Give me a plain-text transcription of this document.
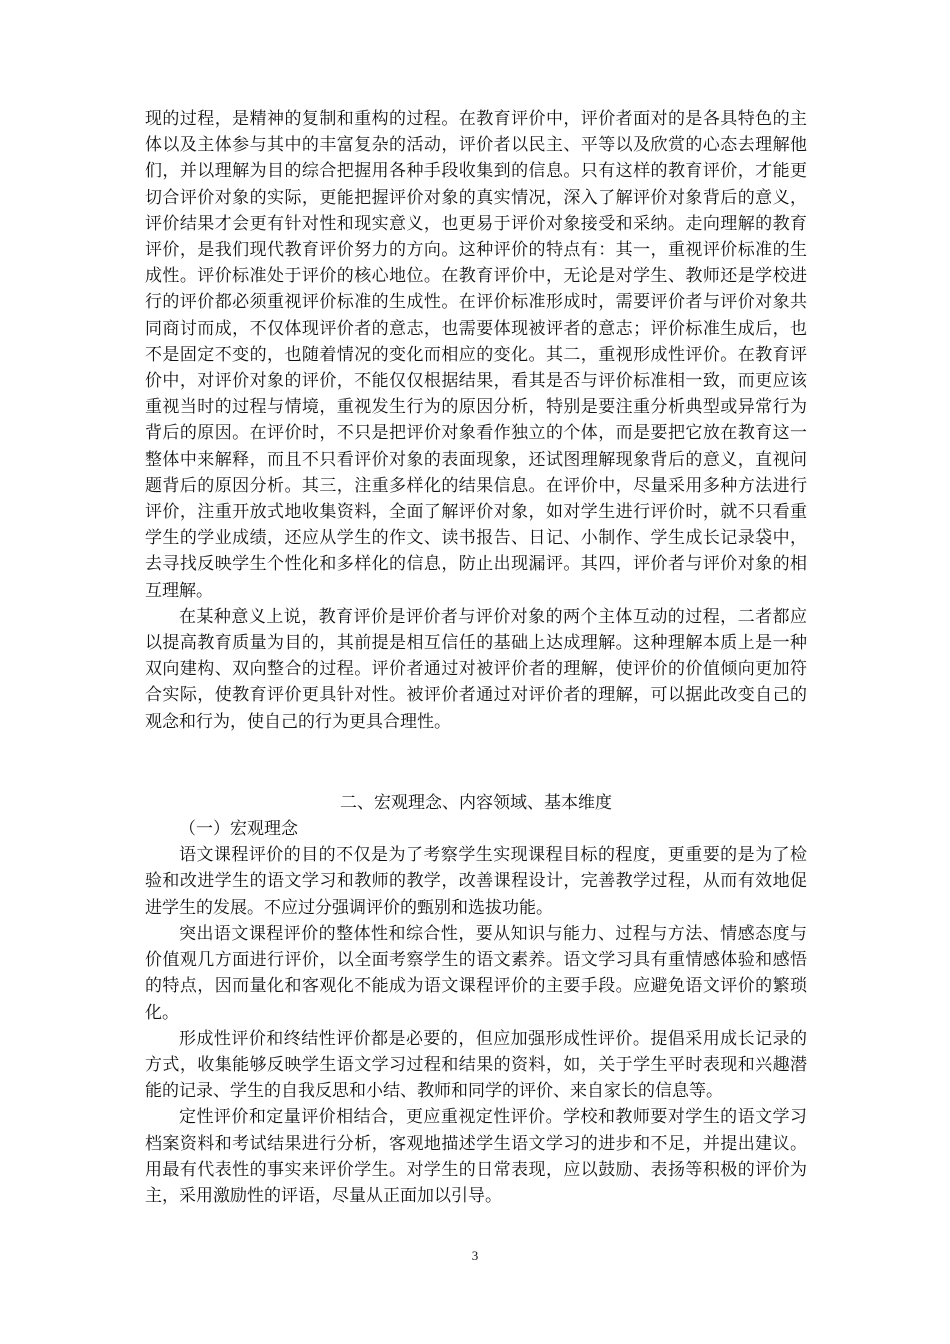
现的过程，是精神的复制和重构的过程。在教育评价中，评价者面对的是各具特色的主体以及主体参与其中的丰富复杂的活动，评价者以民主、平等以及欣赏的心态去理解他们，并以理解为目的综合把握用各种手段收集到的信息。只有这样的教育评价，才能更切合评价对象的实际，更能把握评价对象的真实情况，深入了解评价对象背后的意义，评价结果才会更有针对性和现实意义，也更易于评价对象接受和采纳。走向理解的教育评价，是我们现代教育评价努力的方向。这种评价的特点有：其一，重视评价标准的生成性。评价标准处于评价的核心地位。在教育评价中，无论是对学生、教师还是学校进行的评价都必须重视评价标准的生成性。在评价标准形成时，需要评价者与评价对象共同商讨而成，不仅体现评价者的意志，也需要体现被评者的意志；评价标准生成后，也不是固定不变的，也随着情况的变化而相应的变化。其二，重视形成性评价。在教育评价中，对评价对象的评价，不能仅仅根据结果，看其是否与评价标准相一致，而更应该重视当时的过程与情境，重视发生行为的原因分析，特别是要注重分析典型或异常行为背后的原因。在评价时，不只是把评价对象看作独立的个体，而是要把它放在教育这一整体中来解释，而且不只看评价对象的表面现象，还试图理解现象背后的意义，直视问题背后的原因分析。其三，注重多样化的结果信息。在评价中，尽量采用多种方法进行评价，注重开放式地收集资料，全面了解评价对象，如对学生进行评价时，就不只看重学生的学业成绩，还应从学生的作文、读书报告、日记、小制作、学生成长记录袋中，去寻找反映学生个性化和多样化的信息，防止出现漏评。其四，评价者与评价对象的相互理解。

在某种意义上说，教育评价是评价者与评价对象的两个主体互动的过程，二者都应以提高教育质量为目的，其前提是相互信任的基础上达成理解。这种理解本质上是一种双向建构、双向整合的过程。评价者通过对被评价者的理解，使评价的价值倾向更加符合实际，使教育评价更具针对性。被评价者通过对评价者的理解，可以据此改变自己的观念和行为，使自己的行为更具合理性。

二、宏观理念、内容领域、基本维度

（一）宏观理念

语文课程评价的目的不仅是为了考察学生实现课程目标的程度，更重要的是为了检验和改进学生的语文学习和教师的教学，改善课程设计，完善教学过程，从而有效地促进学生的发展。不应过分强调评价的甄别和选拔功能。

突出语文课程评价的整体性和综合性，要从知识与能力、过程与方法、情感态度与价值观几方面进行评价，以全面考察学生的语文素养。语文学习具有重情感体验和感悟的特点，因而量化和客观化不能成为语文课程评价的主要手段。应避免语文评价的繁琐化。

形成性评价和终结性评价都是必要的，但应加强形成性评价。提倡采用成长记录的方式，收集能够反映学生语文学习过程和结果的资料，如，关于学生平时表现和兴趣潜能的记录、学生的自我反思和小结、教师和同学的评价、来自家长的信息等。

定性评价和定量评价相结合，更应重视定性评价。学校和教师要对学生的语文学习档案资料和考试结果进行分析，客观地描述学生语文学习的进步和不足，并提出建议。用最有代表性的事实来评价学生。对学生的日常表现，应以鼓励、表扬等积极的评价为主，采用激励性的评语，尽量从正面加以引导。

3
